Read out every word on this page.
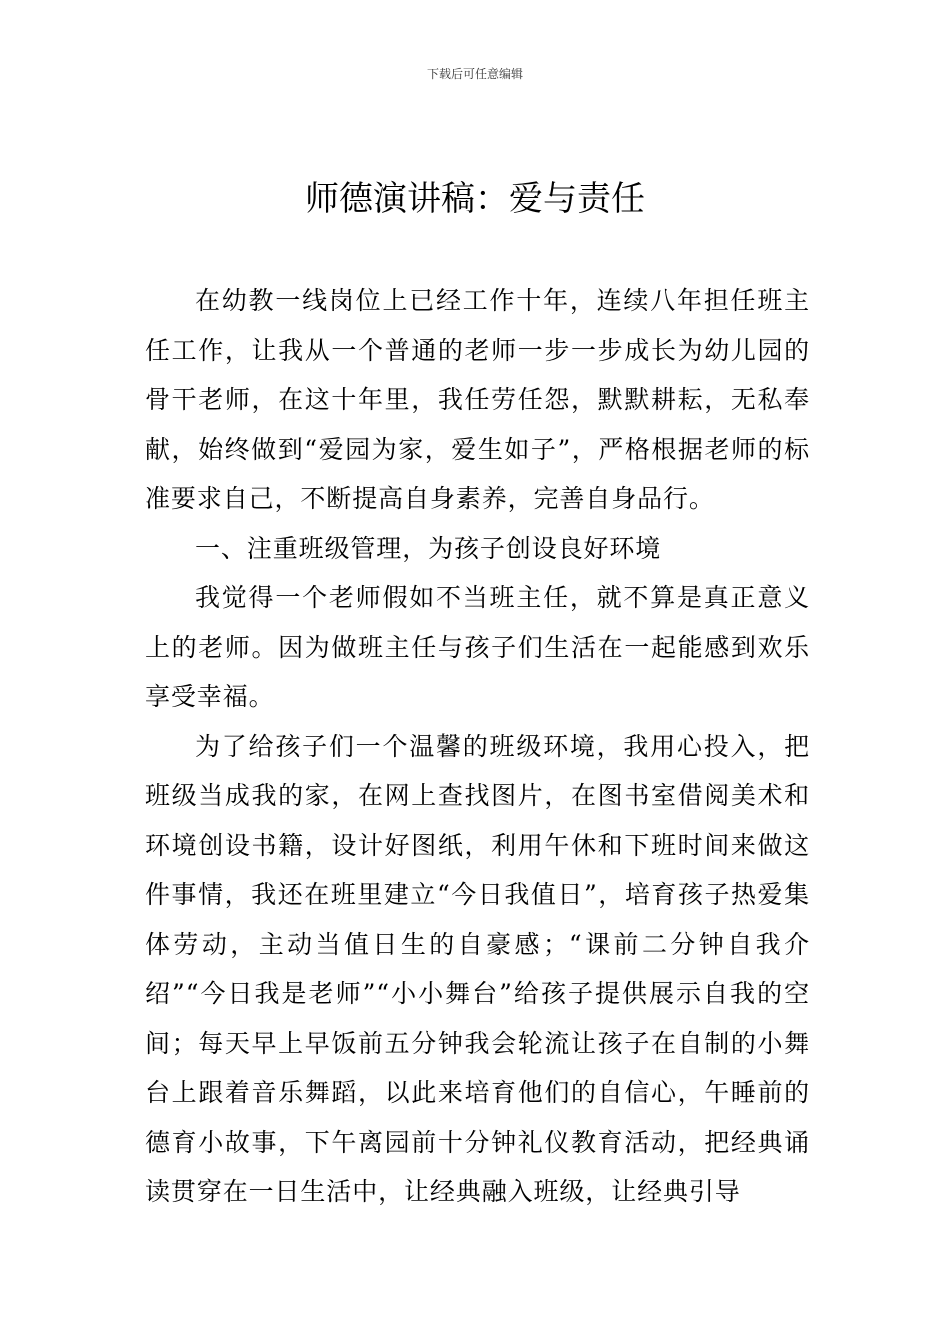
下载后可任意编辑
师德演讲稿：爱与责任

在幼教一线岗位上已经工作十年，连续八年担任班主任工作，让我从一个普通的老师一步一步成长为幼儿园的骨干老师，在这十年里，我任劳任怨，默默耕耘，无私奉献，始终做到“爱园为家，爱生如子”，严格根据老师的标准要求自己，不断提高自身素养，完善自身品行。

一、注重班级管理，为孩子创设良好环境

我觉得一个老师假如不当班主任，就不算是真正意义上的老师。因为做班主任与孩子们生活在一起能感到欢乐享受幸福。

为了给孩子们一个温馨的班级环境，我用心投入，把班级当成我的家，在网上查找图片，在图书室借阅美术和环境创设书籍，设计好图纸，利用午休和下班时间来做这件事情，我还在班里建立“今日我值日”，培育孩子热爱集体劳动，主动当值日生的自豪感；“课前二分钟自我介绍”“今日我是老师”“小小舞台”给孩子提供展示自我的空间；每天早上早饭前五分钟我会轮流让孩子在自制的小舞台上跟着音乐舞蹈，以此来培育他们的自信心，午睡前的德育小故事，下午离园前十分钟礼仪教育活动，把经典诵读贯穿在一日生活中，让经典融入班级，让经典引导
